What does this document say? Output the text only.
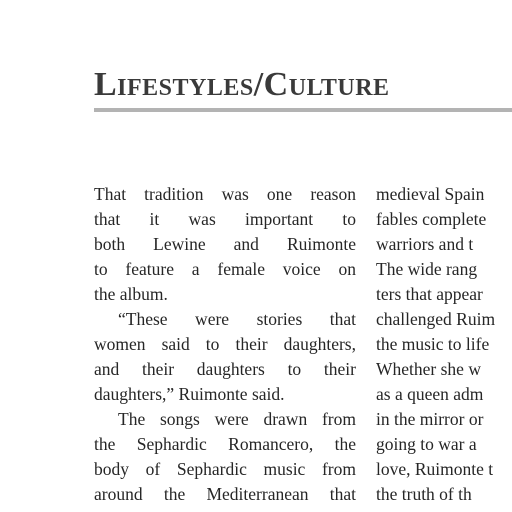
Lifestyles/Culture
That tradition was one reason
that it was important to
both Lewine and Ruimonte
to feature a female voice on
the album.
“These were stories that
women said to their daughters,
and their daughters to their
daughters,” Ruimonte said.
The songs were drawn from
the Sephardic Romancero, the
body of Sephardic music from
around the Mediterranean that
medieval Spain
fables complete
warriors and t
The wide rang
ters that appear
challenged Ruim
the music to life
Whether she w
as a queen adm
in the mirror or
going to war a
love, Ruimonte t
the truth of th
